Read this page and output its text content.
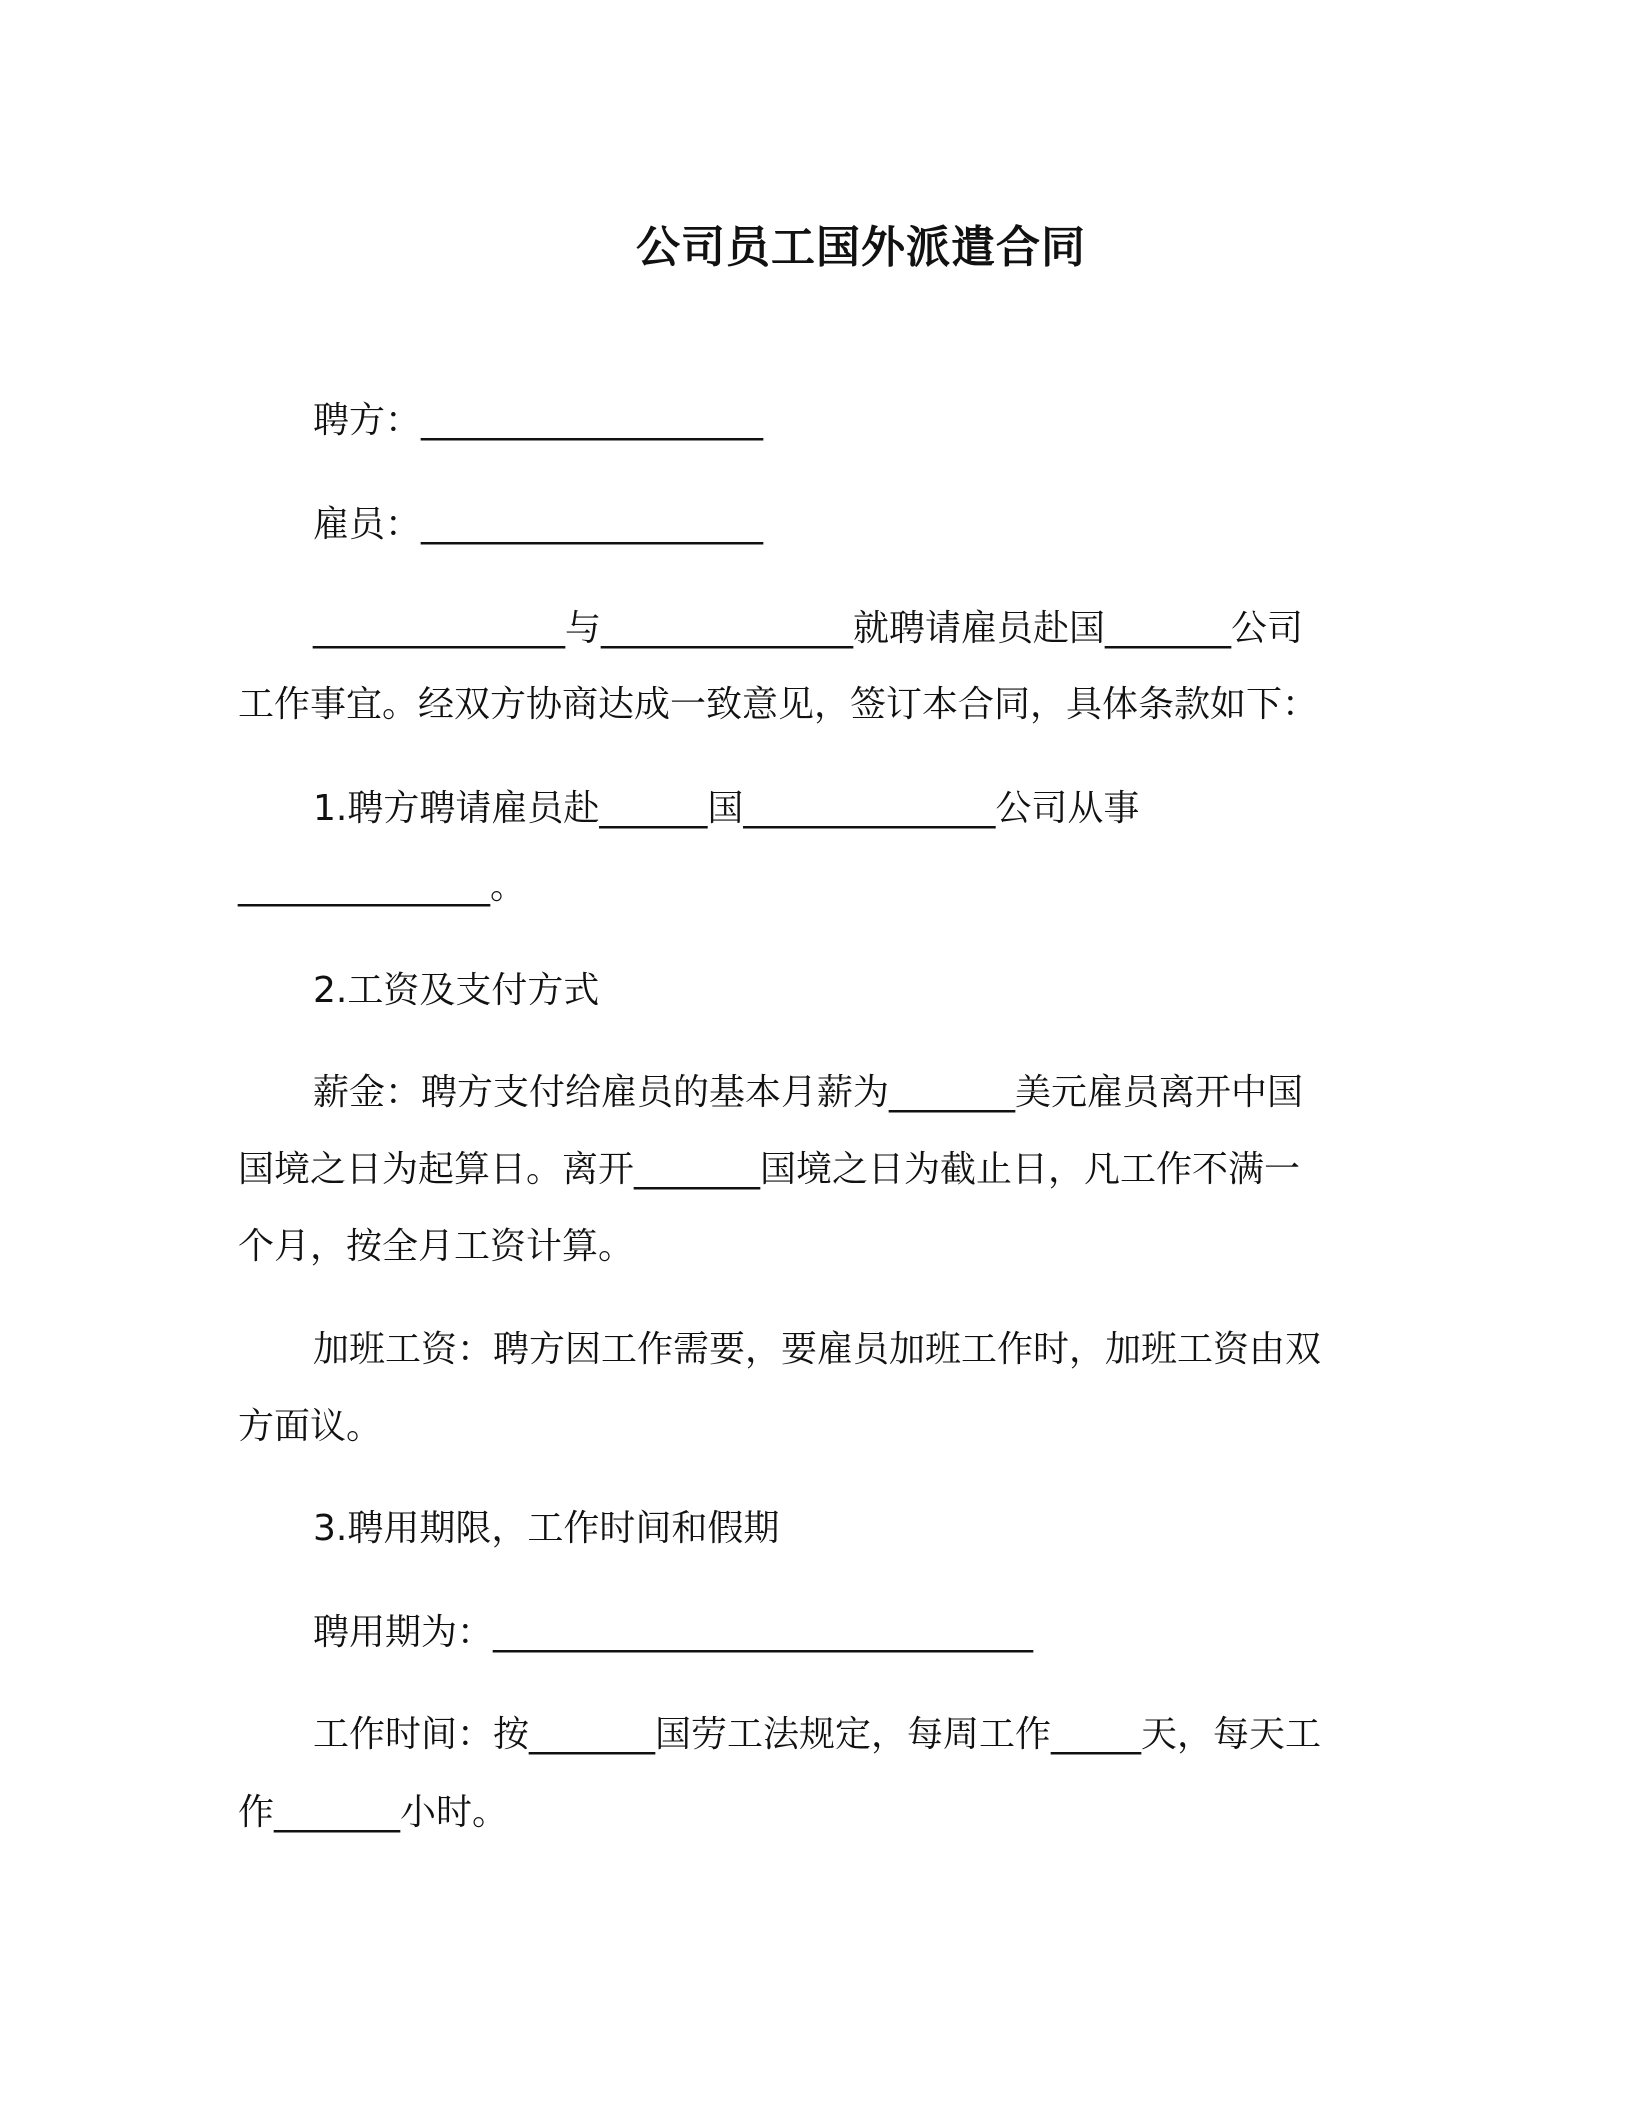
公司员工国外派遣合同
聘方：___________________
雇员：___________________
______________与______________就聘请雇员赴国_______公司
工作事宜。经双方协商达成一致意见，签订本合同，具体条款如下：
1.聘方聘请雇员赴______国______________公司从事
______________。
2.工资及支付方式
薪金：聘方支付给雇员的基本月薪为_______美元雇员离开中国
国境之日为起算日。离开_______国境之日为截止日，凡工作不满一
个月，按全月工资计算。
加班工资：聘方因工作需要，要雇员加班工作时，加班工资由双
方面议。
3.聘用期限，工作时间和假期
聘用期为：______________________________
工作时间：按_______国劳工法规定，每周工作_____天，每天工
作_______小时。
